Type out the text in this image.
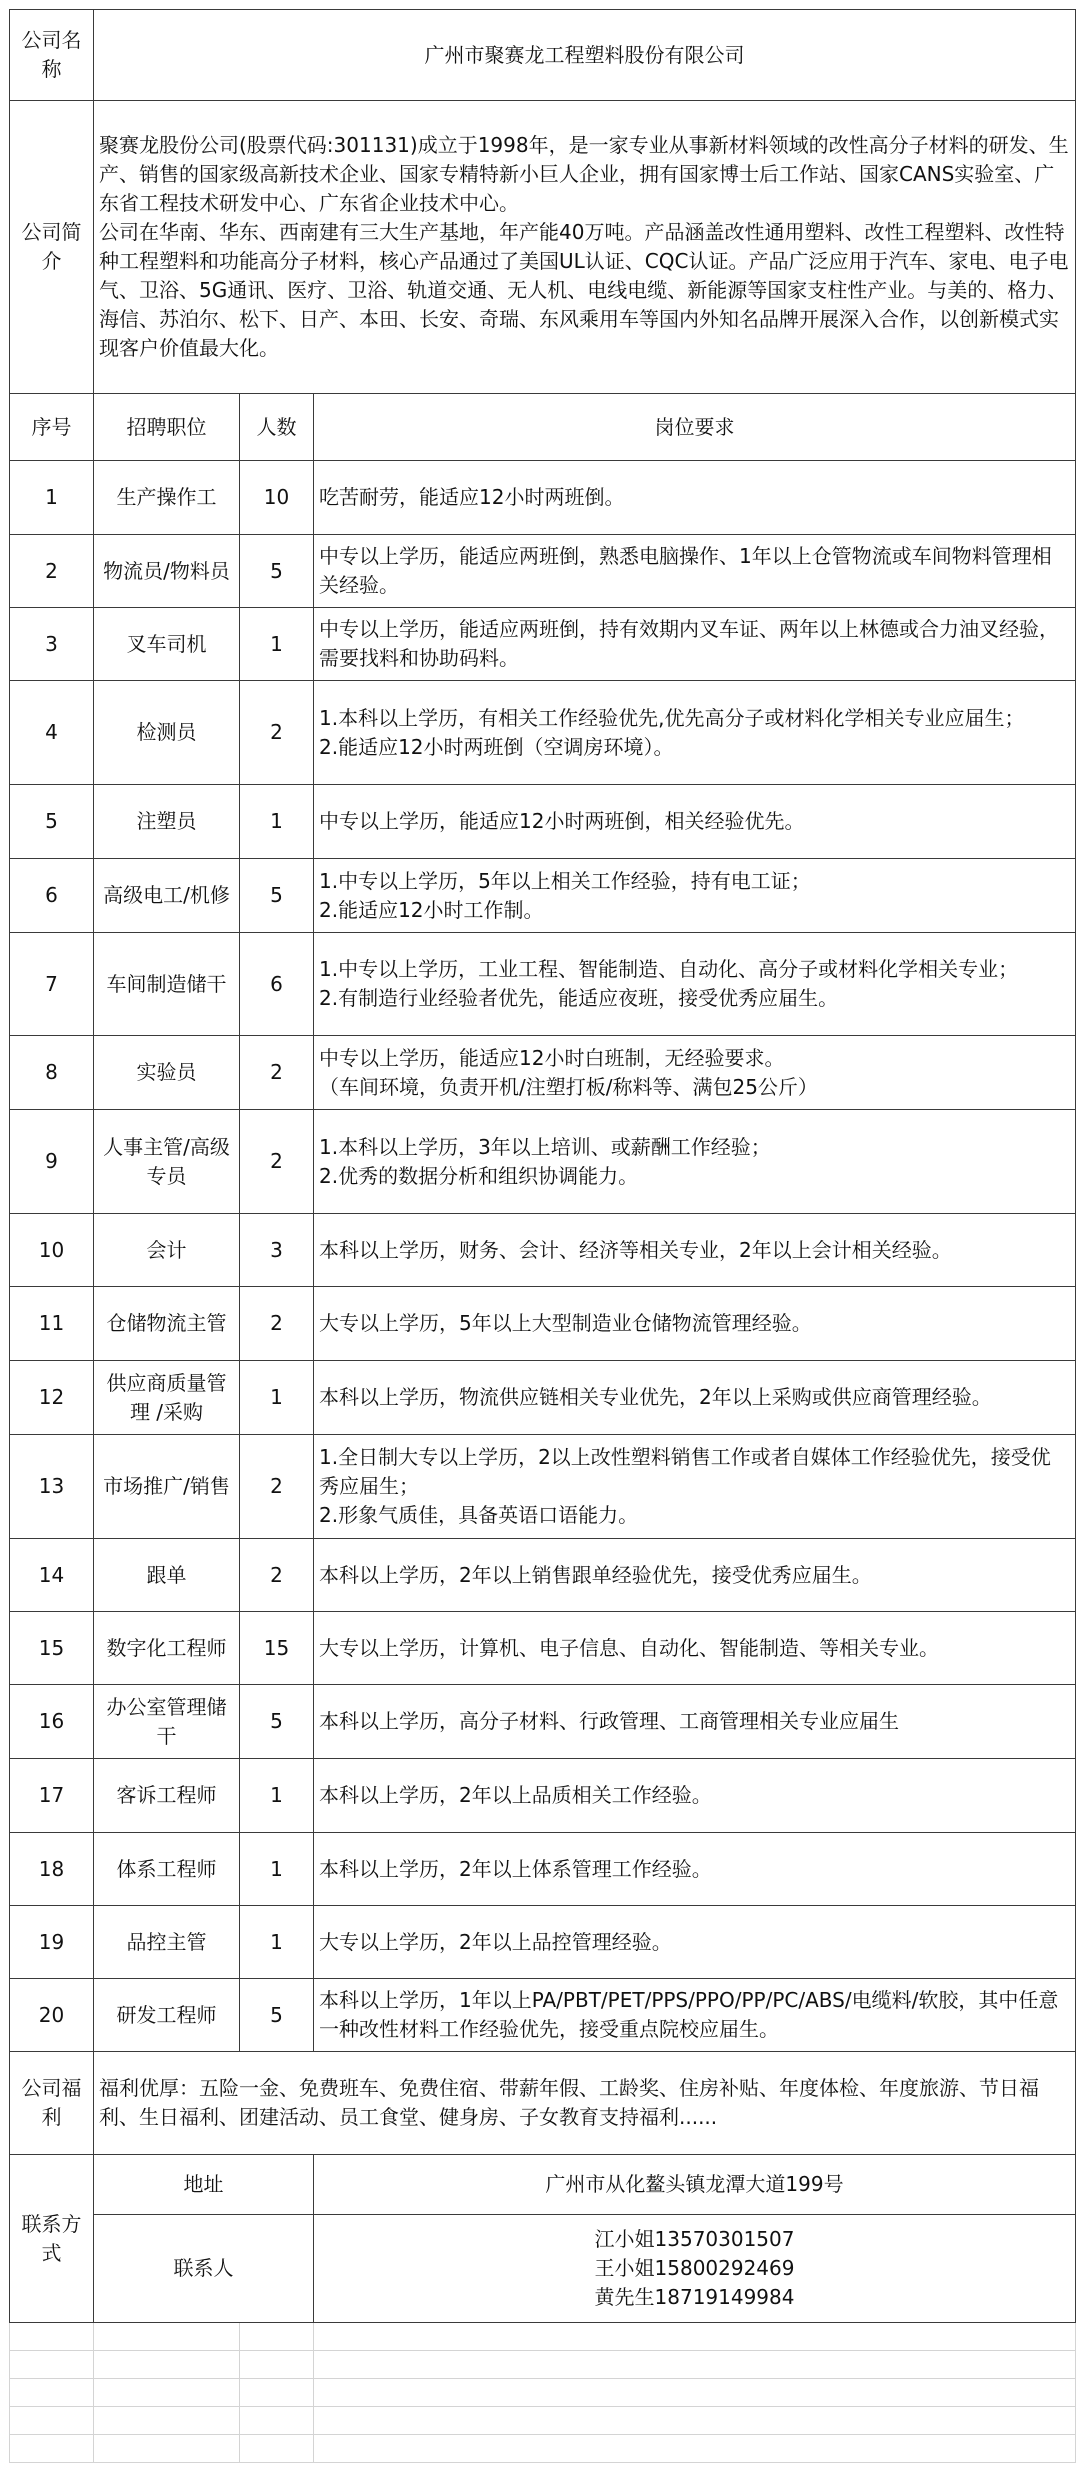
公司名称	广州市聚赛龙工程塑料股份有限公司		
公司简介	聚赛龙股份公司(股票代码:301131)成立于1998年，是一家专业从事新材料领域的改性高分子材料的研发、生产、销售的国家级高新技术企业、国家专精特新小巨人企业，拥有国家博士后工作站、国家CANS实验室、广东省工程技术研发中心、广东省企业技术中心。
公司在华南、华东、西南建有三大生产基地，年产能40万吨。产品涵盖改性通用塑料、改性工程塑料、改性特种工程塑料和功能高分子材料，核心产品通过了美国UL认证、CQC认证。产品广泛应用于汽车、家电、电子电气、卫浴、5G通讯、医疗、卫浴、轨道交通、无人机、电线电缆、新能源等国家支柱性产业。与美的、格力、海信、苏泊尔、松下、日产、本田、长安、奇瑞、东风乘用车等国内外知名品牌开展深入合作，以创新模式实现客户价值最大化。		

序号	招聘职位	人数	岗位要求
1	生产操作工	10	吃苦耐劳，能适应12小时两班倒。
2	物流员/物料员	5	中专以上学历，能适应两班倒，熟悉电脑操作、1年以上仓管物流或车间物料管理相关经验。
3	叉车司机	1	中专以上学历，能适应两班倒，持有效期内叉车证、两年以上林德或合力油叉经验，需要找料和协助码料。
4	检测员	2	1.本科以上学历，有相关工作经验优先,优先高分子或材料化学相关专业应届生；
2.能适应12小时两班倒（空调房环境）。

5	注塑员	1	中专以上学历，能适应12小时两班倒，相关经验优先。
6	高级电工/机修	5	1.中专以上学历，5年以上相关工作经验，持有电工证；
2.能适应12小时工作制。

7	车间制造储干	6	1.中专以上学历，工业工程、智能制造、自动化、高分子或材料化学相关专业；
2.有制造行业经验者优先，能适应夜班，接受优秀应届生。

8	实验员	2	中专以上学历，能适应12小时白班制，无经验要求。
（车间环境，负责开机/注塑打板/称料等、满包25公斤）

9	人事主管/高级专员	2	1.本科以上学历，3年以上培训、或薪酬工作经验；
2.优秀的数据分析和组织协调能力。

10	会计	3	本科以上学历，财务、会计、经济等相关专业，2年以上会计相关经验。
11	仓储物流主管	2	大专以上学历，5年以上大型制造业仓储物流管理经验。
12	供应商质量管理 /采购	1	本科以上学历，物流供应链相关专业优先，2年以上采购或供应商管理经验。
13	市场推广/销售	2	1.全日制大专以上学历，2以上改性塑料销售工作或者自媒体工作经验优先，接受优秀应届生；
2.形象气质佳，具备英语口语能力。

14	跟单	2	本科以上学历，2年以上销售跟单经验优先，接受优秀应届生。
15	数字化工程师	15	大专以上学历，计算机、电子信息、自动化、智能制造、等相关专业。
16	办公室管理储干	5	本科以上学历，高分子材料、行政管理、工商管理相关专业应届生
17	客诉工程师	1	本科以上学历，2年以上品质相关工作经验。
18	体系工程师	1	本科以上学历，2年以上体系管理工作经验。
19	品控主管	1	大专以上学历，2年以上品控管理经验。
20	研发工程师	5	本科以上学历，1年以上PA/PBT/PET/PPS/PPO/PP/PC/ABS/电缆料/软胶，其中任意一种改性材料工作经验优先，接受重点院校应届生。
公司福利	福利优厚：五险一金、免费班车、免费住宿、带薪年假、工龄奖、住房补贴、年度体检、年度旅游、节日福利、生日福利、团建活动、员工食堂、健身房、子女教育支持福利......		
联系方式	地址		广州市从化鳌头镇龙潭大道199号
	联系人		江小姐13570301507
王小姐15800292469
黄先生18719149984
